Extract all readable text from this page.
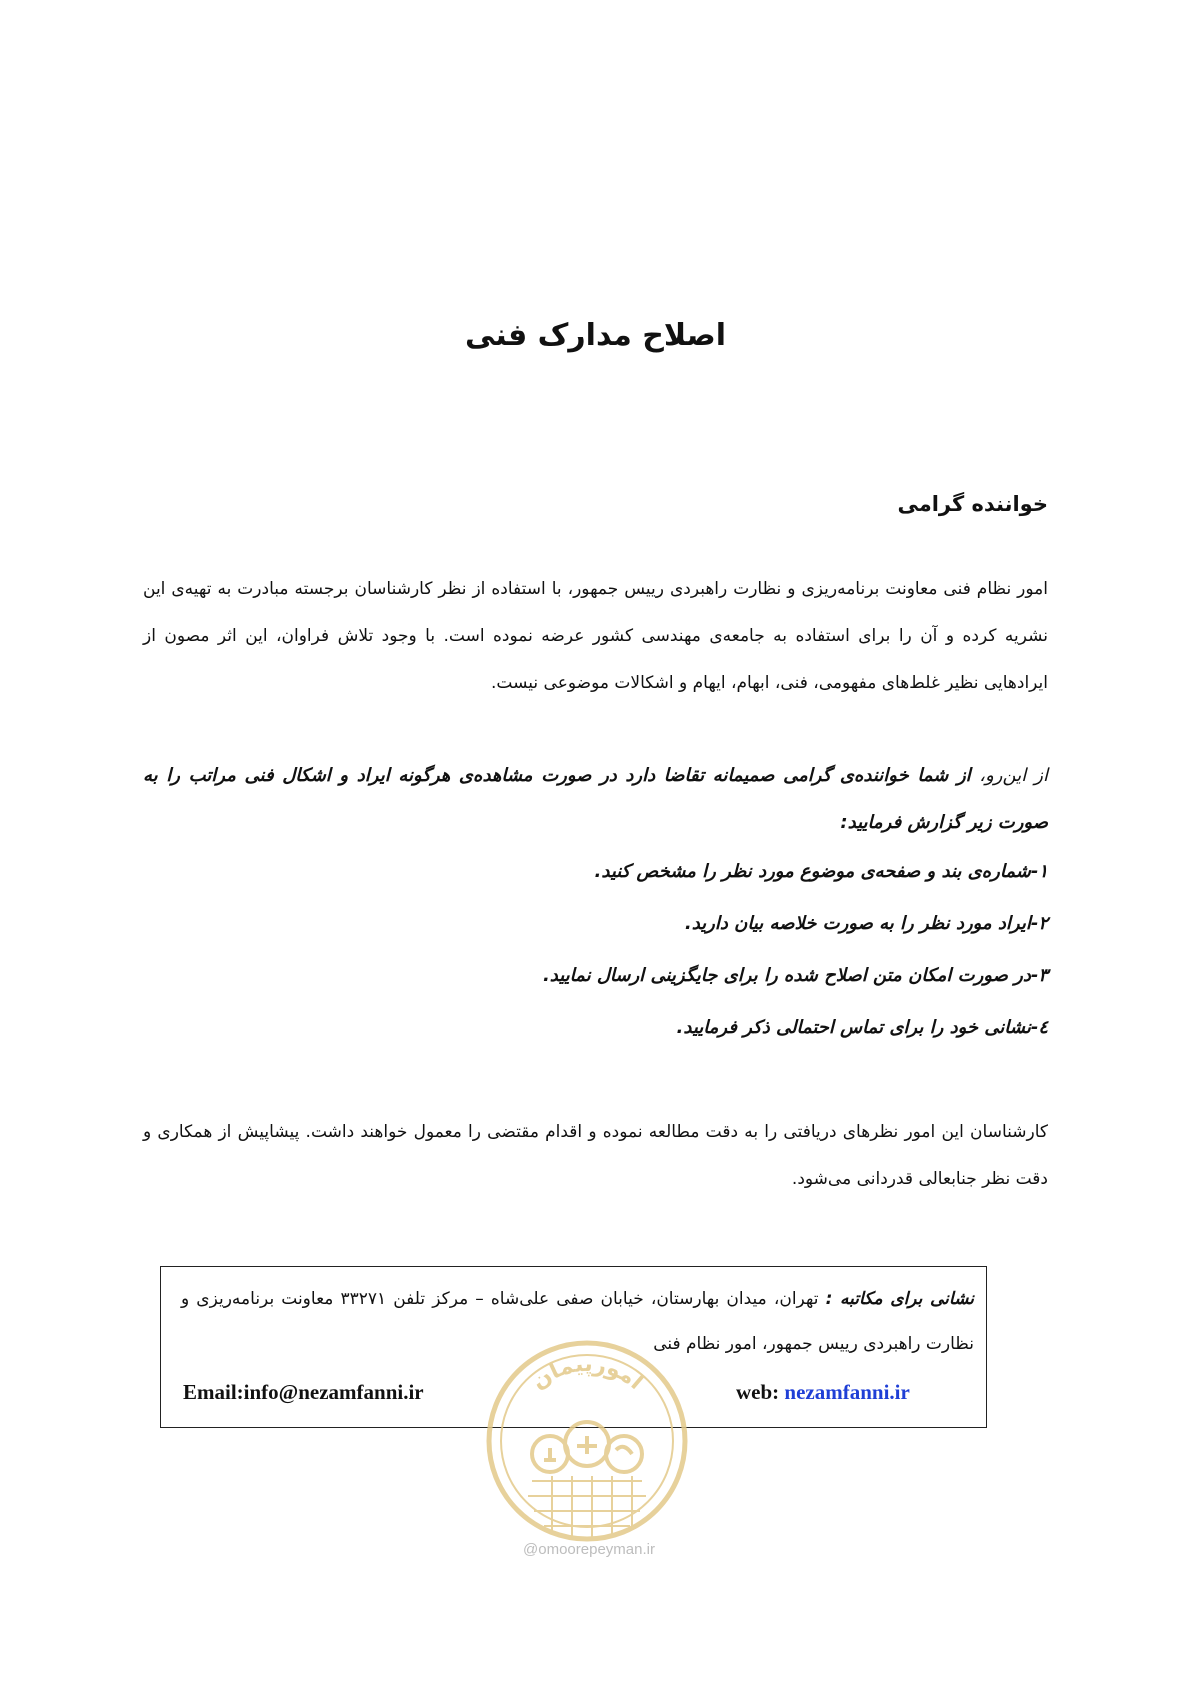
اصلاح مدارک فنی
خواننده گرامی

امور نظام فنی معاونت برنامه‌ریزی و نظارت راهبردی رییس جمهور، با استفاده از نظر کارشناسان برجسته مبادرت به تهیه‌ی این نشریه کرده و آن را برای استفاده به جامعه‌ی مهندسی کشور عرضه نموده است. با وجود تلاش فراوان، این اثر مصون از ایرادهایی نظیر غلط‌های مفهومی، فنی، ابهام، ایهام و اشکالات موضوعی نیست.

از این‌رو، از شما خواننده‌ی گرامی صمیمانه تقاضا دارد در صورت مشاهده‌ی هرگونه ایراد و اشکال فنی مراتب را به صورت زیر گزارش فرمایید:

۱-شماره‌ی بند و صفحه‌ی موضوع مورد نظر را مشخص کنید.
۲-ایراد مورد نظر را به صورت خلاصه بیان دارید.
۳-در صورت امکان متن اصلاح شده را برای جایگزینی ارسال نمایید.
٤-نشانی خود را برای تماس احتمالی ذکر فرمایید.

کارشناسان این امور نظرهای دریافتی را به دقت مطالعه نموده و اقدام مقتضی را معمول خواهند داشت. پیشاپیش از همکاری و دقت نظر جنابعالی قدردانی می‌شود.

نشانی برای مکاتبه : تهران، میدان بهارستان، خیابان صفی علی‌شاه – مرکز تلفن ۳۳۲۷۱ معاونت برنامه‌ریزی و نظارت راهبردی رییس جمهور، امور نظام فنی

Email:info@nezamfanni.ir	web: nezamfanni.ir
امورپیمان
@omoorepeyman.ir
